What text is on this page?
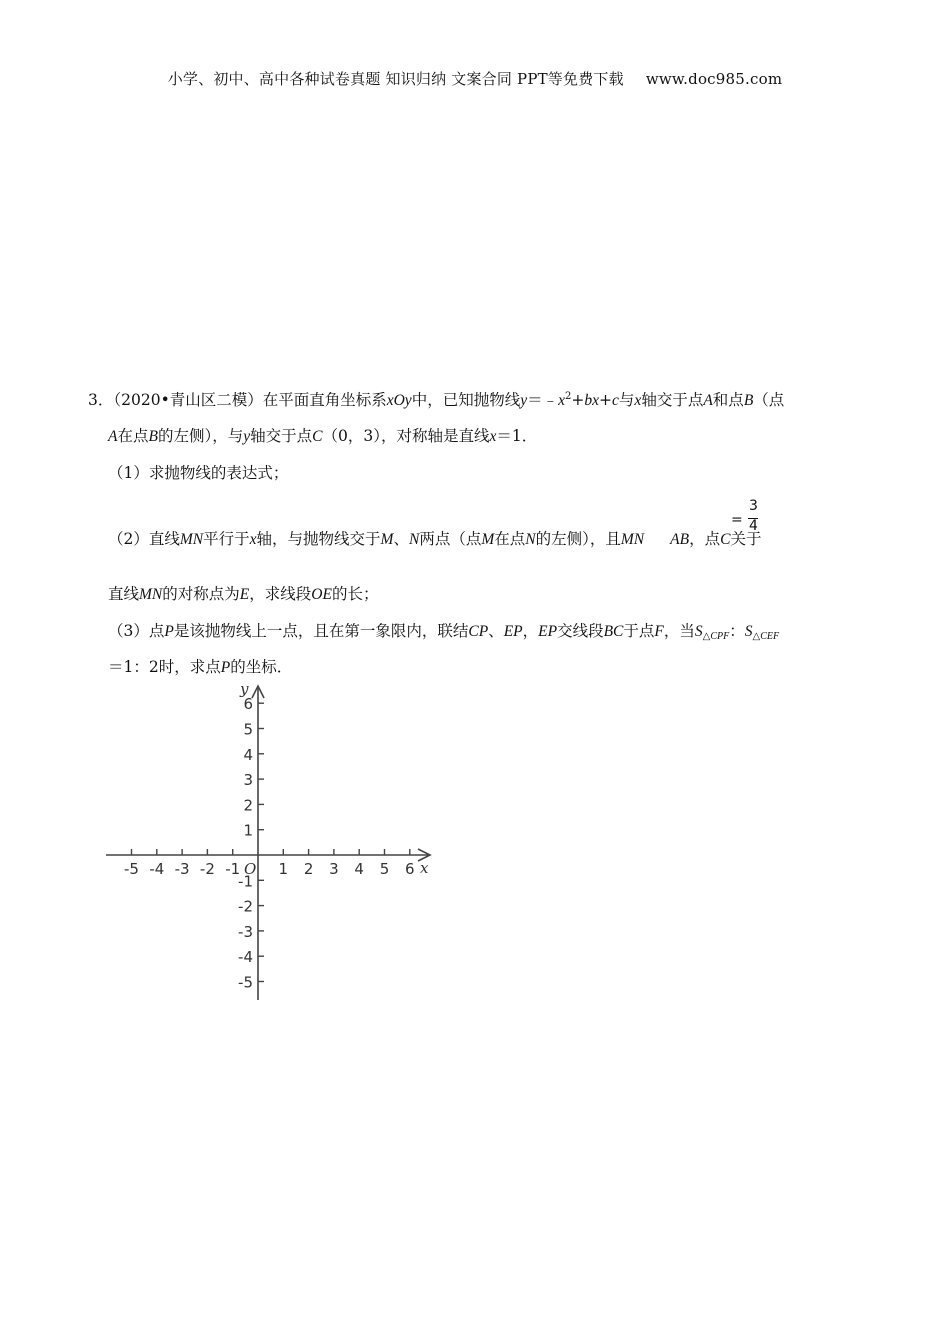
小学、初中、高中各种试卷真题 知识归纳 文案合同 PPT等免费下载 www.doc985.com
3．（2020•青山区二模）在平面直角坐标系xOy中，已知抛物线$y=﹣x^2+bx+c$与x轴交于点A和点B（点
A在点B的左侧），与y轴交于点C（0，3），对称轴是直线x＝1．
（1）求抛物线的表达式；
（2）直线MN平行于x轴，与抛物线交于M、N两点（点M在点N的左侧），且MN AB，点C关于
=
3
4
直线MN的对称点为E，求线段OE的长；
（3）点P是该抛物线上一点，且在第一象限内，联结CP、EP，EP交线段BC于点F，当$S_{\triangle CPF}$：$S_{\triangle CEF}$
＝1：2时，求点P的坐标．
-5 -4 -3 -2 -1	1 2 3 4 5 6
6
5
4
3
2
1
-1
-2
-3
-4
-5
x
y
O
